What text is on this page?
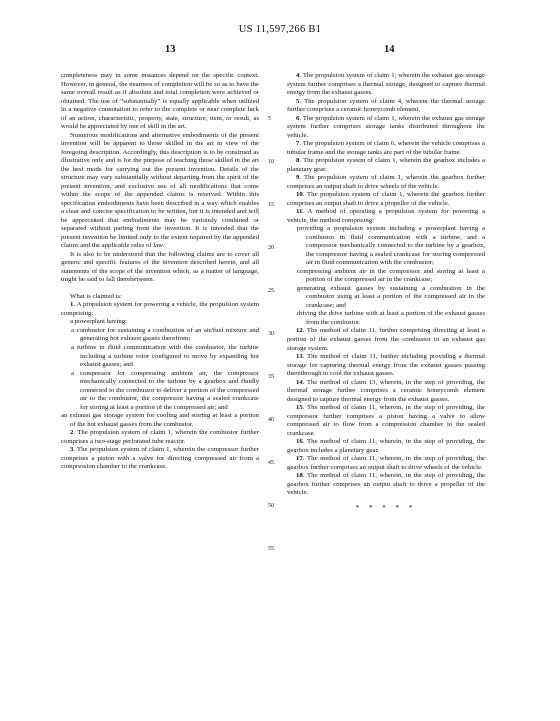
US 11,597,266 B1
13	14

completeness may in some instances depend on the specific context. However, in general, the nearness of completion will be so as to have the same overall result as if absolute and total completion were achieved or obtained. The use of “substantially” is equally applicable when utilized in a negative connotation to refer to the complete or near complete lack of an action, characteristic, property, state, structure, item, or result, as would be appreciated by one of skill in the art.

Numerous modifications and alternative embodiments of the present invention will be apparent to those skilled in the art in view of the foregoing description. Accordingly, this description is to be construed as illustrative only and is for the purpose of teaching those skilled in the art the best mode for carrying out the present invention. Details of the structure may vary substantially without departing from the spirit of the present invention, and exclusive use of all modifications that come within the scope of the appended claims is reserved. Within this specification embodiments have been described in a way which enables a clear and concise specification to be written, but it is intended and will be appreciated that embodiments may be variously combined or separated without parting from the invention. It is intended that the present invention be limited only to the extent required by the appended claims and the applicable rules of law.

It is also to be understood that the following claims are to cover all generic and specific features of the invention described herein, and all statements of the scope of the invention which, as a matter of language, might be said to fall therebetween.

What is claimed is:

1. A propulsion system for powering a vehicle, the propulsion system comprising:

a powerplant having:

a combustor for sustaining a combustion of an air/fuel mixture and generating hot exhaust gasses therefrom;

a turbine in fluid communication with the combustor, the turbine including a turbine rotor configured to move by expanding hot exhaust gasses; and

a compressor for compressing ambient air, the compressor mechanically connected to the turbine by a gearbox and fluidly connected to the combustor to deliver a portion of the compressed air to the combustor, the compressor having a sealed crankcase for storing at least a portion of the compressed air; and

an exhaust gas storage system for cooling and storing at least a portion of the hot exhaust gasses from the combustor.

2. The propulsion system of claim 1, wherein the combustor further comprises a two-stage perforated tube reactor.

3. The propulsion system of claim 1, wherein the compressor further comprises a piston with a valve for directing compressed air from a compression chamber to the crankcase.

5
10
15
20
25
30
35
40
45
50
55

4. The propulsion system of claim 1, wherein the exhaust gas storage system further comprises a thermal storage, designed to capture thermal energy from the exhaust gasses.

5. The propulsion system of claim 4, wherein the thermal storage further comprises a ceramic honeycomb element.

6. The propulsion system of claim 1, wherein the exhaust gas storage system further comprises storage tanks distributed throughout the vehicle.

7. The propulsion system of claim 6, wherein the vehicle comprises a tubular frame and the storage tanks are part of the tubular frame.

8. The propulsion system of claim 1, wherein the gearbox includes a planetary gear.

9. The propulsion system of claim 1, wherein the gearbox further comprises an output shaft to drive wheels of the vehicle.

10. The propulsion system of claim 1, wherein the gearbox further comprises an output shaft to drive a propeller of the vehicle.

11. A method of operating a propulsion system for powering a vehicle, the method comprising:

providing a propulsion system including a powerplant having a combustor in fluid communication with a turbine, and a compressor mechanically connected to the turbine by a gearbox, the compressor having a sealed crankcase for storing compressed air in fluid communication with the combustor;

compressing ambient air in the compressor and storing at least a portion of the compressed air in the crankcase;

generating exhaust gasses by sustaining a combustion in the combustor using at least a portion of the compressed air in the crankcase; and

driving the drive turbine with at least a portion of the exhaust gasses from the combustor.

12. The method of claim 11, further comprising directing at least a portion of the exhaust gasses from the combustor to an exhaust gas storage system.

13. The method of claim 11, further including providing a thermal storage for capturing thermal energy from the exhaust gasses passing therethrough to cool the exhaust gasses.

14. The method of claim 13, wherein, in the step of providing, the thermal storage further comprises a ceramic honeycomb element designed to capture thermal energy from the exhaust gasses.

15. The method of claim 11, wherein, in the step of providing, the compressor further comprises a piston having a valve to allow compressed air to flow from a compression chamber to the sealed crankcase.

16. The method of claim 11, wherein, in the step of providing, the gearbox includes a planetary gear.

17. The method of claim 11, wherein, in the step of providing, the gearbox further comprises an output shaft to drive wheels of the vehicle.

18. The method of claim 11, wherein, in the step of providing, the gearbox further comprises an output shaft to drive a propeller of the vehicle.

* * * * *
